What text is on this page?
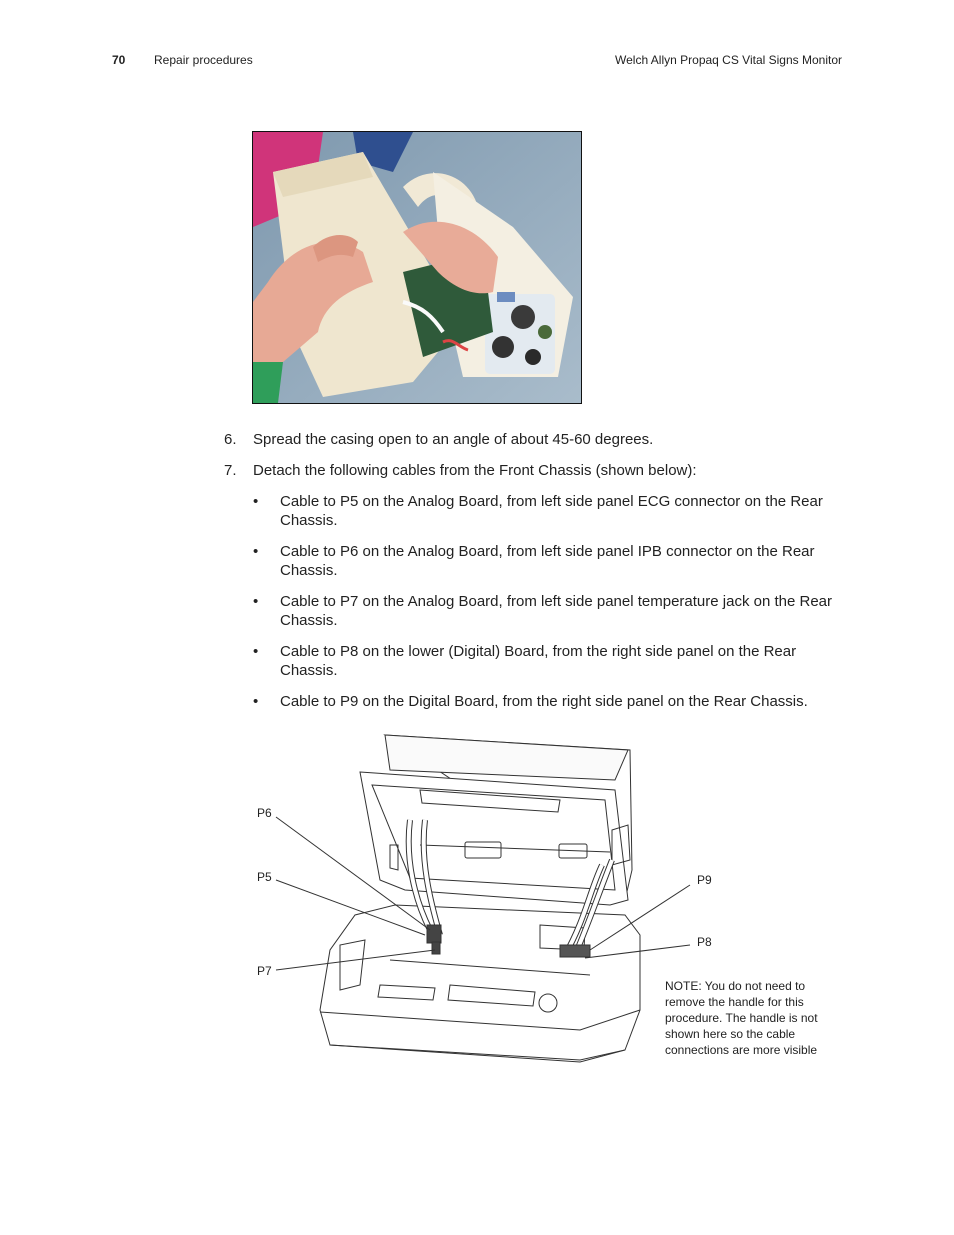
70 Repair procedures	Welch Allyn Propaq CS Vital Signs Monitor
6. Spread the casing open to an angle of about 45-60 degrees.
7. Detach the following cables from the Front Chassis (shown below):
• Cable to P5 on the Analog Board, from left side panel ECG connector on the Rear Chassis.
• Cable to P6 on the Analog Board, from left side panel IPB connector on the Rear Chassis.
• Cable to P7 on the Analog Board, from left side panel temperature jack on the Rear Chassis.
• Cable to P8 on the lower (Digital) Board, from the right side panel on the Rear Chassis.
• Cable to P9 on the Digital Board, from the right side panel on the Rear Chassis.
P6
P5
P7
P9
P8
NOTE: You do not need to remove the handle for this procedure. The handle is not shown here so the cable connections are more visible
